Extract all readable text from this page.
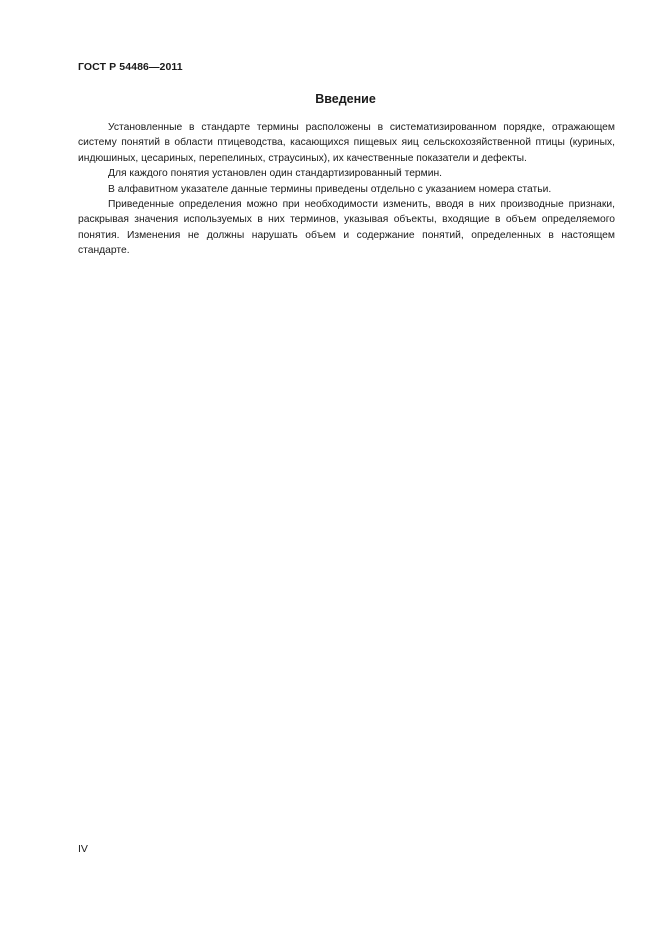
ГОСТ Р 54486—2011
Введение

Установленные в стандарте термины расположены в систематизированном порядке, отражающем систему понятий в области птицеводства, касающихся пищевых яиц сельскохозяйственной птицы (куриных, индюшиных, цесариных, перепелиных, страусиных), их качественные показатели и дефекты.

Для каждого понятия установлен один стандартизированный термин.

В алфавитном указателе данные термины приведены отдельно с указанием номера статьи.

Приведенные определения можно при необходимости изменить, вводя в них производные признаки, раскрывая значения используемых в них терминов, указывая объекты, входящие в объем определяемого понятия. Изменения не должны нарушать объем и содержание понятий, определенных в настоящем стандарте.

IV
